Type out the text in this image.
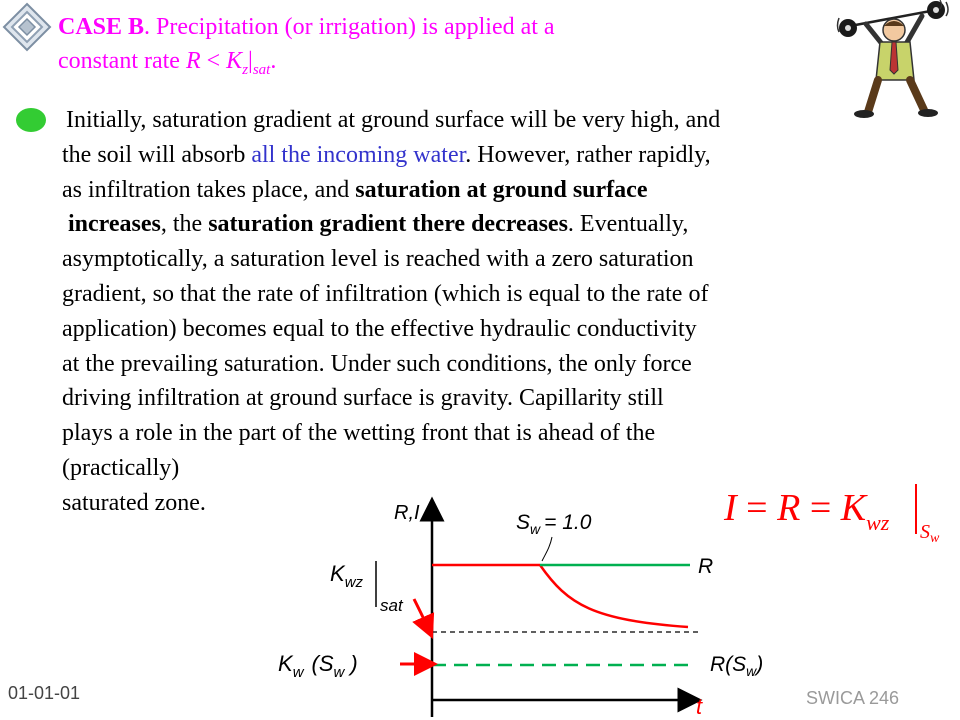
CASE B. Precipitation (or irrigation) is applied at a
constant rate $R < K_z|_{sat}$.
Initially, saturation gradient at ground surface will be very high, and
the soil will absorb all the incoming water. However, rather rapidly,
as infiltration takes place, and saturation at ground surface
increases, the saturation gradient there decreases. Eventually,
asymptotically, a saturation level is reached with a zero saturation
gradient, so that the rate of infiltration (which is equal to the rate of
application) becomes equal to the effective hydraulic conductivity
at the prevailing saturation. Under such conditions, the only force
driving infiltration at ground surface is gravity. Capillarity still
plays a role in the part of the wetting front that is ahead of the
(practically)
saturated zone.	R,I
t
$S_w = 1.0$
R
$R(S_w)$
$K_{wz}$
sat
$K_w$ ($S_w$ )
$I = R = K_{wz}$ $S_w$
01-01-01	SWICA 246
